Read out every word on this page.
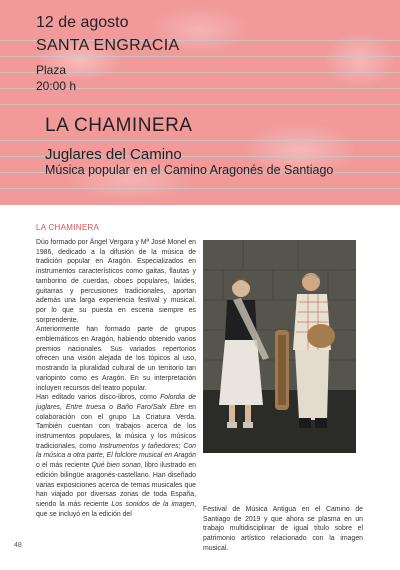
12 de agosto
SANTA ENGRACIA
Plaza
20:00 h
LA CHAMINERA
Juglares del Camino
Música popular en el Camino Aragonés de Santiago
LA CHAMINERA

Dúo formado por Ángel Vergara y Mª José Monel en 1986, dedicado a la difusión de la música de tradición popular en Aragón. Especializados en instrumentos característicos como gaitas, flautas y tamborino de cuerdas, oboes populares, laúdes, guitarras y percusiones tradicionales, aportan además una larga experiencia festival y musical, por lo que su puesta en escena siempre es sorprendente.

Anteriormente han formado parte de grupos emblemáticos en Aragón, habiendo obtenido varios premios nacionales. Sus variados repertorios ofrecen una visión alejada de los tópicos al uso, mostrando la pluralidad cultural de un territorio tan variopinto como es Aragón. En su interpretación incluyen recursos del teatro popular.

Han editado varios disco-libros, como Folordia de juglares, Entre truesa o Baño Faro/Salx Ebre en colaboración con el grupo La Criatura Verda. También cuentan con trabajos acerca de los instrumentos populares, la música y los músicos tradicionales, como Instrumentos y tañedores; Con la música a otra parte, El folclore musical en Aragón o el más reciente Qué bien sonan, libro ilustrado en edición bilingüe aragonés-castellano. Han diseñado varias exposiciones acerca de temas musicales que han viajado por diversas zonas de toda España, siendo la más reciente Los sonidos de la imagen, que se incluyó en la edición del

Festival de Música Antigua en el Camino de Santiago de 2019 y que ahora se plasma en un trabajo multidisciplinar de igual título sobre el patrimonio artístico relacionado con la imagen musical.
48
